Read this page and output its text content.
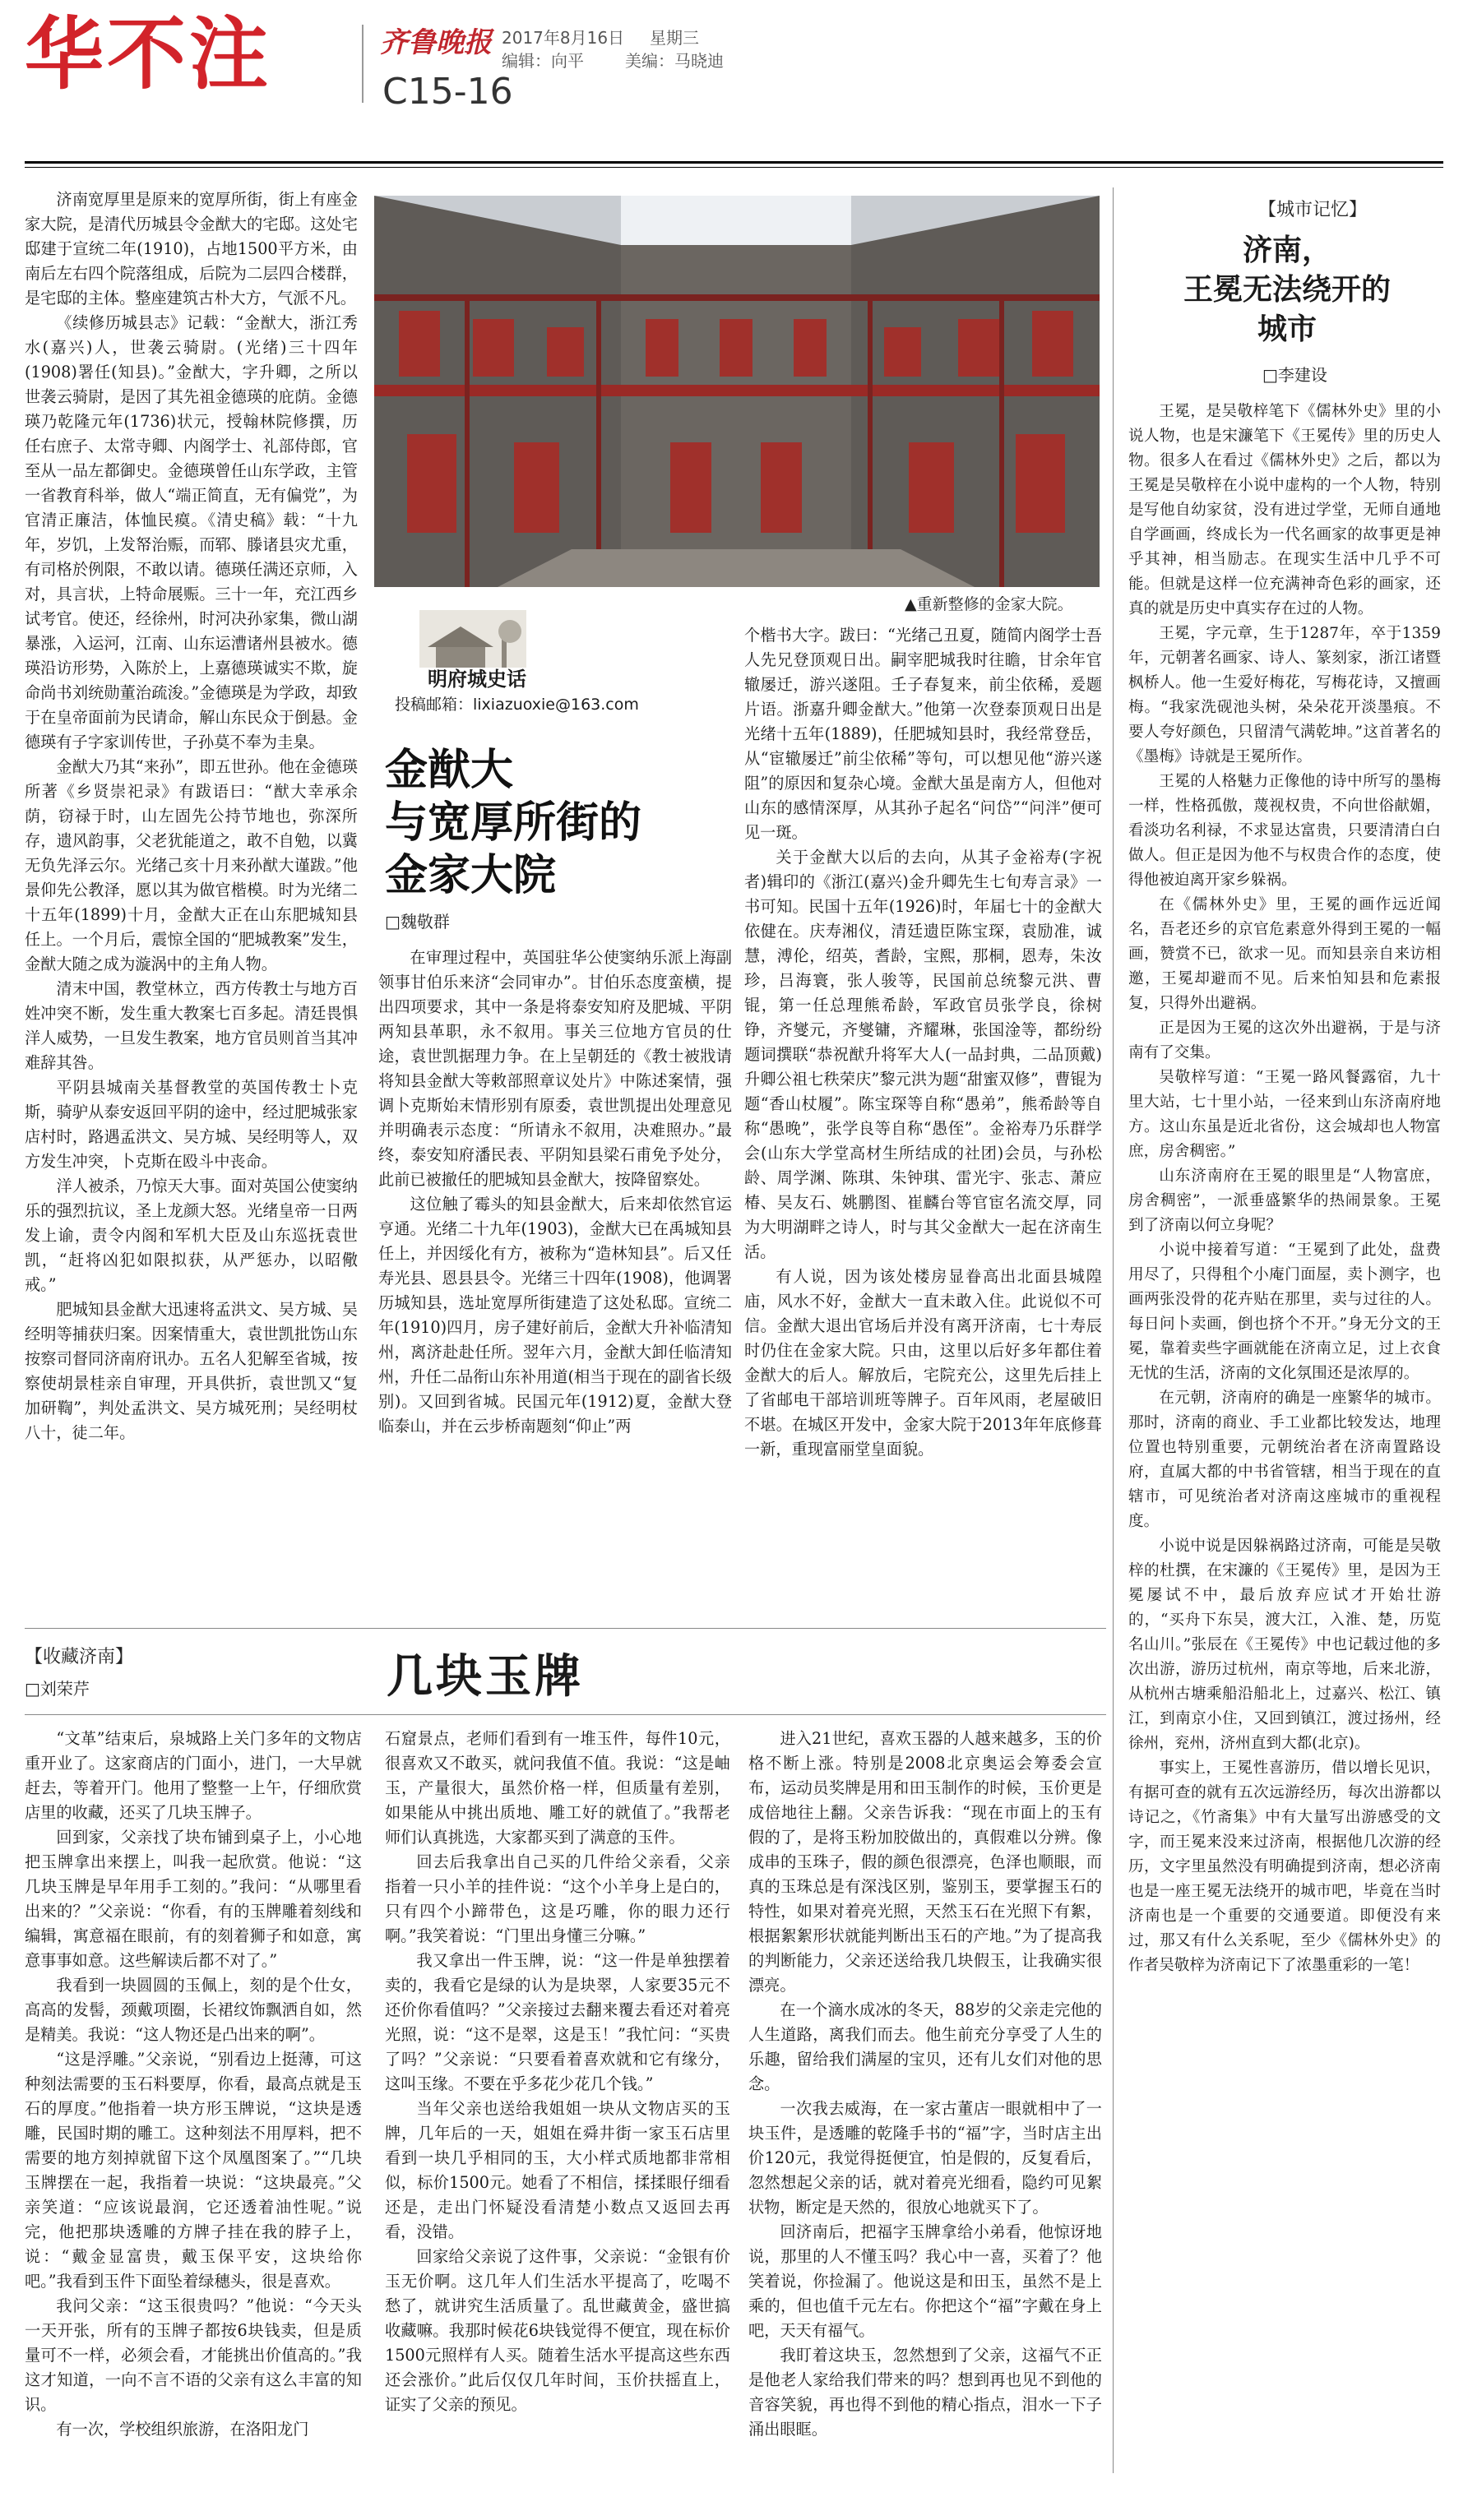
华不注	齐鲁晚报 2017年8月16日 星期三
编辑：向平	美编：马晓迪
C15-16

济南宽厚里是原来的宽厚所街，街上有座金家大院，是清代历城县令金猷大的宅邸。这处宅邸建于宣统二年(1910)，占地1500平方米，由南后左右四个院落组成，后院为二层四合楼群，是宅邸的主体。整座建筑古朴大方，气派不凡。

《续修历城县志》记载：“金猷大，浙江秀水(嘉兴)人，世袭云骑尉。(光绪)三十四年(1908)署任(知县)。”金猷大，字升卿，之所以世袭云骑尉，是因了其先祖金德瑛的庇荫。金德瑛乃乾隆元年(1736)状元，授翰林院修撰，历任右庶子、太常寺卿、内阁学士、礼部侍郎，官至从一品左都御史。金德瑛曾任山东学政，主管一省教育科举，做人“端正简直，无有偏党”，为官清正廉洁，体恤民瘼。《清史稿》载：“十九年，岁饥，上发帑治赈，而郓、滕诸县灾尤重，有司格於例限，不敢以请。德瑛任满还京师，入对，具言状，上特命展赈。三十一年，充江西乡试考官。使还，经徐州，时河决孙家集，微山湖暴涨，入运河，江南、山东运漕诸州县被水。德瑛沿访形势，入陈於上，上嘉德瑛诚实不欺，旋命尚书刘统勋董治疏浚。”金德瑛是为学政，却致于在皇帝面前为民请命，解山东民众于倒悬。金德瑛有子字家训传世，子孙莫不奉为圭臬。

金猷大乃其“来孙”，即五世孙。他在金德瑛所著《乡贤崇祀录》有跋语曰：“猷大幸承余荫，窃禄于时，山左固先公持节地也，弥深所存，遗风韵事，父老犹能道之，敢不自勉，以冀无负先泽云尔。光绪己亥十月来孙猷大谨跋。”他景仰先公教泽，愿以其为做官楷模。时为光绪二十五年(1899)十月，金猷大正在山东肥城知县任上。一个月后，震惊全国的“肥城教案”发生，金猷大随之成为漩涡中的主角人物。

清末中国，教堂林立，西方传教士与地方百姓冲突不断，发生重大教案七百多起。清廷畏惧洋人威势，一旦发生教案，地方官员则首当其冲难辞其咎。

平阴县城南关基督教堂的英国传教士卜克斯，骑驴从泰安返回平阴的途中，经过肥城张家店村时，路遇孟洪文、吴方城、吴经明等人，双方发生冲突，卜克斯在殴斗中丧命。

洋人被杀，乃惊天大事。面对英国公使窦纳乐的强烈抗议，圣上龙颜大怒。光绪皇帝一日两发上谕，责令内阁和军机大臣及山东巡抚袁世凯，“赶将凶犯如限拟获，从严惩办，以昭儆戒。”

肥城知县金猷大迅速将孟洪文、吴方城、吴经明等捕获归案。因案情重大，袁世凯批饬山东按察司督同济南府讯办。五名人犯解至省城，按察使胡景桂亲自审理，开具供折，袁世凯又“复加研鞫”，判处孟洪文、吴方城死刑；吴经明杖八十，徒二年。

▲重新整修的金家大院。
明府城史话
投稿邮箱：lixiazuoxie@163.com
金猷大
与宽厚所街的
金家大院
□魏敬群

在审理过程中，英国驻华公使窦纳乐派上海副领事甘伯乐来济“会同审办”。甘伯乐态度蛮横，提出四项要求，其中一条是将泰安知府及肥城、平阴两知县革职，永不叙用。事关三位地方官员的仕途，袁世凯据理力争。在上呈朝廷的《教士被戕请将知县金猷大等敕部照章议处片》中陈述案情，强调卜克斯始末情形别有原委，袁世凯提出处理意见并明确表示态度：“所请永不叙用，决难照办。”最终，泰安知府潘民表、平阴知县梁石甫免予处分，此前已被撤任的肥城知县金猷大，按降留察处。

这位触了霉头的知县金猷大，后来却依然官运亨通。光绪二十九年(1903)，金猷大已在禹城知县任上，并因绥化有方，被称为“造林知县”。后又任寿光县、恩县县令。光绪三十四年(1908)，他调署历城知县，选址宽厚所街建造了这处私邸。宣统二年(1910)四月，房子建好前后，金猷大升补临清知州，离济赴赴任所。翌年六月，金猷大卸任临清知州，升任二品衔山东补用道(相当于现在的副省长级别)。又回到省城。民国元年(1912)夏，金猷大登临泰山，并在云步桥南题刻“仰止”两

个楷书大字。跋曰：“光绪己丑夏，随简内阁学士吾人先兄登顶观日出。嗣宰肥城我时往瞻，甘余年官辙屡迁，游兴遂阻。壬子春复来，前尘依稀，爰题片语。浙嘉升卿金猷大。”他第一次登泰顶观日出是光绪十五年(1889)，任肥城知县时，我经常登岳，从“宦辙屡迁”前尘依稀”等句，可以想见他“游兴遂阻”的原因和复杂心境。金猷大虽是南方人，但他对山东的感情深厚，从其孙子起名“问岱”“问泮”便可见一斑。

关于金猷大以后的去向，从其子金裕寿(字祝者)辑印的《浙江(嘉兴)金升卿先生七旬寿言录》一书可知。民国十五年(1926)时，年届七十的金猷大依健在。庆寿湘仪，清廷遗臣陈宝琛，袁励准，诚慧，溥伦，绍英，耆龄，宝熙，那桐，恩寿，朱汝珍，吕海寰，张人骏等，民国前总统黎元洪、曹锟，第一任总理熊希龄，军政官员张学良，徐树铮，齐燮元，齐燮镛，齐耀琳，张国淦等，都纷纷题词撰联“恭祝猷升将军大人(一品封典，二品顶戴)升卿公祖七秩荣庆”黎元洪为题“甜蜜双修”，曹锟为题“香山杖履”。陈宝琛等自称“愚弟”，熊希龄等自称“愚晚”，张学良等自称“愚侄”。金裕寿乃乐群学会(山东大学堂高材生所结成的社团)会员，与孙松龄、周学渊、陈琪、朱钟琪、雷光宇、张志、萧应椿、吴友石、姚鹏图、崔麟台等官宦名流交厚，同为大明湖畔之诗人，时与其父金猷大一起在济南生活。

有人说，因为该处楼房显眷高出北面县城隍庙，风水不好，金猷大一直未敢入住。此说似不可信。金猷大退出官场后并没有离开济南，七十寿辰时仍住在金家大院。只由，这里以后好多年都住着金猷大的后人。解放后，宅院充公，这里先后挂上了省邮电干部培训班等牌子。百年风雨，老屋破旧不堪。在城区开发中，金家大院于2013年年底修葺一新，重现富丽堂皇面貌。

【城市记忆】
济南，
王冕无法绕开的
城市
□李建设

王冕，是吴敬梓笔下《儒林外史》里的小说人物，也是宋濂笔下《王冕传》里的历史人物。很多人在看过《儒林外史》之后，都以为王冕是吴敬梓在小说中虚构的一个人物，特别是写他自幼家贫，没有进过学堂，无师自通地自学画画，终成长为一代名画家的故事更是神乎其神，相当励志。在现实生活中几乎不可能。但就是这样一位充满神奇色彩的画家，还真的就是历史中真实存在过的人物。

王冕，字元章，生于1287年，卒于1359年，元朝著名画家、诗人、篆刻家，浙江诸暨枫桥人。他一生爱好梅花，写梅花诗，又擅画梅。“我家洗砚池头树，朵朵花开淡墨痕。不要人夸好颜色，只留清气满乾坤。”这首著名的《墨梅》诗就是王冕所作。

王冕的人格魅力正像他的诗中所写的墨梅一样，性格孤傲，蔑视权贵，不向世俗献媚，看淡功名利禄，不求显达富贵，只要清清白白做人。但正是因为他不与权贵合作的态度，使得他被迫离开家乡躲祸。

在《儒林外史》里，王冕的画作远近闻名，吾老还乡的京官危素意外得到王冕的一幅画，赞赏不已，欲求一见。而知县亲自来访相邀，王冕却避而不见。后来怕知县和危素报复，只得外出避祸。

正是因为王冕的这次外出避祸，于是与济南有了交集。

吴敬梓写道：“王冕一路风餐露宿，九十里大站，七十里小站，一径来到山东济南府地方。这山东虽是近北省份，这会城却也人物富庶，房舍稠密。”

山东济南府在王冕的眼里是“人物富庶，房舍稠密”，一派垂盛繁华的热闹景象。王冕到了济南以何立身呢？

小说中接着写道：“王冕到了此处，盘费用尽了，只得租个小庵门面屋，卖卜测字，也画两张没骨的花卉贴在那里，卖与过往的人。每日问卜卖画，倒也挤个不开。”身无分文的王冕，靠着卖些字画就能在济南立足，过上衣食无忧的生活，济南的文化氛围还是浓厚的。

在元朝，济南府的确是一座繁华的城市。那时，济南的商业、手工业都比较发达，地理位置也特别重要，元朝统治者在济南置路设府，直属大都的中书省管辖，相当于现在的直辖市，可见统治者对济南这座城市的重视程度。

小说中说是因躲祸路过济南，可能是吴敬梓的杜撰，在宋濂的《王冕传》里，是因为王冕屡试不中，最后放弃应试才开始壮游的，“买舟下东吴，渡大江，入淮、楚，历览名山川。”张辰在《王冕传》中也记载过他的多次出游，游历过杭州，南京等地，后来北游，从杭州古塘乘船沿船北上，过嘉兴、松江、镇江，到南京小住，又回到镇江，渡过扬州，经徐州，兖州，济州直到大都(北京)。

事实上，王冕性喜游历，借以增长见识，有据可查的就有五次远游经历，每次出游都以诗记之，《竹斋集》中有大量写出游感受的文字，而王冕来没来过济南，根据他几次游的经历，文字里虽然没有明确提到济南，想必济南也是一座王冕无法绕开的城市吧，毕竟在当时济南也是一个重要的交通要道。即便没有来过，那又有什么关系呢，至少《儒林外史》的作者吴敬梓为济南记下了浓墨重彩的一笔！

【收藏济南】
□刘荣芹	几块玉牌

“文革”结束后，泉城路上关门多年的文物店重开业了。这家商店的门面小，进门，一大早就赶去，等着开门。他用了整整一上午，仔细欣赏店里的收藏，还买了几块玉牌子。

回到家，父亲找了块布铺到桌子上，小心地把玉牌拿出来摆上，叫我一起欣赏。他说：“这几块玉牌是早年用手工刻的。”我问：“从哪里看出来的？”父亲说：“你看，有的玉牌雕着刻线和编辑，寓意福在眼前，有的刻着狮子和如意，寓意事事如意。这些解读后都不对了。”

我看到一块圆圆的玉佩上，刻的是个仕女，高高的发髻，颈戴项圈，长裙纹饰飘洒自如，然是精美。我说：“这人物还是凸出来的啊”。

“这是浮雕。”父亲说，“别看边上挺薄，可这种刻法需要的玉石料要厚，你看，最高点就是玉石的厚度。”他指着一块方形玉牌说，“这块是透雕，民国时期的雕工。这种刻法不用厚料，把不需要的地方刻掉就留下这个凤凰图案了。”“几块玉牌摆在一起，我指着一块说：“这块最亮。”父亲笑道：“应该说最润，它还透着油性呢。”说完，他把那块透雕的方牌子挂在我的脖子上，说：“戴金显富贵，戴玉保平安，这块给你吧。”我看到玉件下面坠着绿穗头，很是喜欢。

我问父亲：“这玉很贵吗？”他说：“今天头一天开张，所有的玉牌子都按6块钱卖，但是质量可不一样，必须会看，才能挑出价值高的。”我这才知道，一向不言不语的父亲有这么丰富的知识。

有一次，学校组织旅游，在洛阳龙门

石窟景点，老师们看到有一堆玉件，每件10元，很喜欢又不敢买，就问我值不值。我说：“这是岫玉，产量很大，虽然价格一样，但质量有差别，如果能从中挑出质地、雕工好的就值了。”我帮老师们认真挑选，大家都买到了满意的玉件。

回去后我拿出自己买的几件给父亲看，父亲指着一只小羊的挂件说：“这个小羊身上是白的，只有四个小蹄带色，这是巧雕，你的眼力还行啊。”我笑着说：“门里出身懂三分嘛。”

我又拿出一件玉牌，说：“这一件是单独摆着卖的，我看它是绿的认为是块翠，人家要35元不还价你看值吗？”父亲接过去翻来覆去看还对着亮光照，说：“这不是翠，这是玉！”我忙问：“买贵了吗？”父亲说：“只要看着喜欢就和它有缘分，这叫玉缘。不要在乎多花少花几个钱。”

当年父亲也送给我姐姐一块从文物店买的玉牌，几年后的一天，姐姐在舜井街一家玉石店里看到一块几乎相同的玉，大小样式质地都非常相似，标价1500元。她看了不相信，揉揉眼仔细看还是，走出门怀疑没看清楚小数点又返回去再看，没错。

回家给父亲说了这件事，父亲说：“金银有价玉无价啊。这几年人们生活水平提高了，吃喝不愁了，就讲究生活质量了。乱世藏黄金，盛世搞收藏嘛。我那时候花6块钱觉得不便宜，现在标价1500元照样有人买。随着生活水平提高这些东西还会涨价。”此后仅仅几年时间，玉价扶摇直上，证实了父亲的预见。

进入21世纪，喜欢玉器的人越来越多，玉的价格不断上涨。特别是2008北京奥运会筹委会宣布，运动员奖牌是用和田玉制作的时候，玉价更是成倍地往上翻。父亲告诉我：“现在市面上的玉有假的了，是将玉粉加胶做出的，真假难以分辨。像成串的玉珠子，假的颜色很漂亮，色泽也顺眼，而真的玉珠总是有深浅区别，鉴别玉，要掌握玉石的特性，如果对着亮光照，天然玉石在光照下有絮，根据絮絮形状就能判断出玉石的产地。”为了提高我的判断能力，父亲还送给我几块假玉，让我确实很漂亮。

在一个滴水成冰的冬天，88岁的父亲走完他的人生道路，离我们而去。他生前充分享受了人生的乐趣，留给我们满屋的宝贝，还有儿女们对他的思念。

一次我去威海，在一家古董店一眼就相中了一块玉件，是透雕的乾隆手书的“福”字，当时店主出价120元，我觉得挺便宜，怕是假的，反复看后，忽然想起父亲的话，就对着亮光细看，隐约可见絮状物，断定是天然的，很放心地就买下了。

回济南后，把福字玉牌拿给小弟看，他惊讶地说，那里的人不懂玉吗？我心中一喜，买着了？他笑着说，你捡漏了。他说这是和田玉，虽然不是上乘的，但也值千元左右。你把这个“福”字戴在身上吧，天天有福气。

我盯着这块玉，忽然想到了父亲，这福气不正是他老人家给我们带来的吗？想到再也见不到他的音容笑貌，再也得不到他的精心指点，泪水一下子涌出眼眶。
